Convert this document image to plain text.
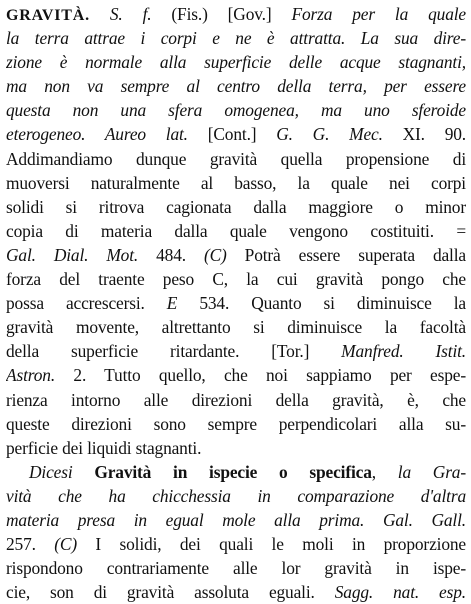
GRAVITÀ. S. f. (Fis.) [Gov.] Forza per la quale
la terra attrae i corpi e ne è attratta. La sua dire-
zione è normale alla superficie delle acque stagnanti,
ma non va sempre al centro della terra, per essere
questa non una sfera omogenea, ma uno sferoide
eterogeneo. Aureo lat. [Cont.] G. G. Mec. XI. 90.
Addimandiamo dunque gravità quella propensione di
muoversi naturalmente al basso, la quale nei corpi
solidi si ritrova cagionata dalla maggiore o minor
copia di materia dalla quale vengono costituiti. =
Gal. Dial. Mot. 484. (C) Potrà essere superata dalla
forza del traente peso C, la cui gravità pongo che
possa accrescersi. E 534. Quanto si diminuisce la
gravità movente, altrettanto si diminuisce la facoltà
della superficie ritardante. [Tor.] Manfred. Istit.
Astron. 2. Tutto quello, che noi sappiamo per espe-
rienza intorno alle direzioni della gravità, è, che
queste direzioni sono sempre perpendicolari alla su-
perficie dei liquidi stagnanti.
Dicesi Gravità in ispecie o specifica, la Gra-
vità che ha chicchessia in comparazione d'altra
materia presa in egual mole alla prima. Gal. Gall.
257. (C) I solidi, dei quali le moli in proporzione
rispondono contrariamente alle lor gravità in ispe-
cie, son di gravità assoluta eguali. Sagg. nat. esp.
